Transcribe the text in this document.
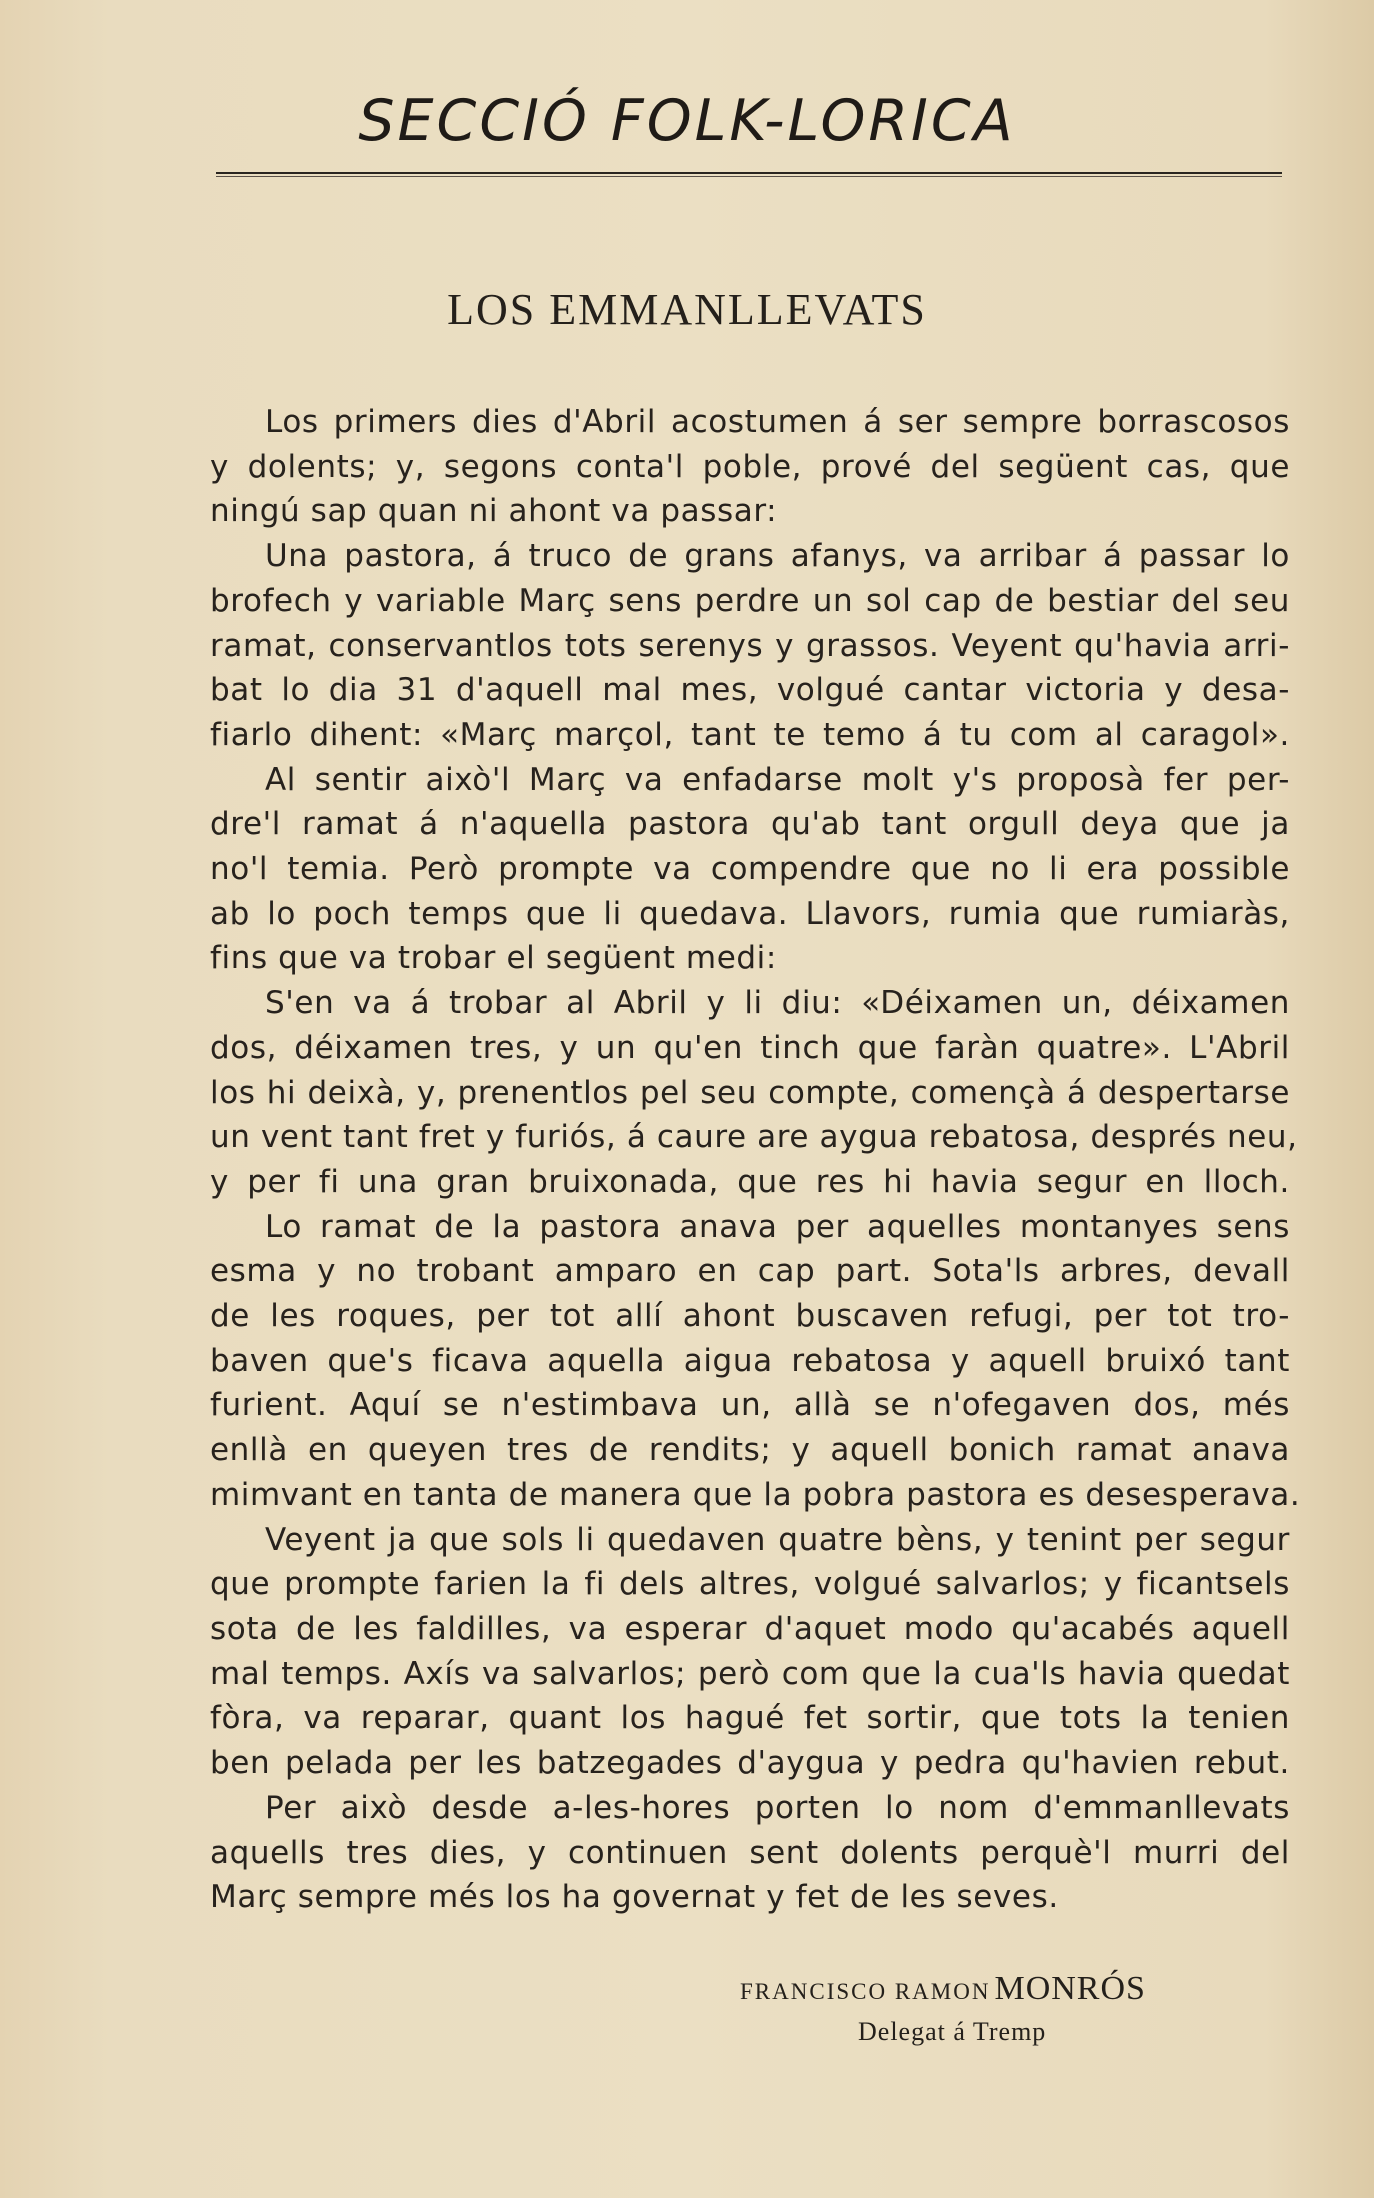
SECCIÓ FOLK-LORICA
LOS EMMANLLEVATS
Los primers dies d'Abril acostumen á ser sempre borrascosos
y dolents; y, segons conta'l poble, prové del següent cas, que
ningú sap quan ni ahont va passar:
Una pastora, á truco de grans afanys, va arribar á passar lo
brofech y variable Març sens perdre un sol cap de bestiar del seu
ramat, conservantlos tots serenys y grassos. Veyent qu'havia arri-
bat lo dia 31 d'aquell mal mes, volgué cantar victoria y desa-
fiarlo dihent: «Març marçol, tant te temo á tu com al caragol».
Al sentir això'l Març va enfadarse molt y's proposà fer per-
dre'l ramat á n'aquella pastora qu'ab tant orgull deya que ja
no'l temia. Però prompte va compendre que no li era possible
ab lo poch temps que li quedava. Llavors, rumia que rumiaràs,
fins que va trobar el següent medi:
S'en va á trobar al Abril y li diu: «Déixamen un, déixamen
dos, déixamen tres, y un qu'en tinch que faràn quatre». L'Abril
los hi deixà, y, prenentlos pel seu compte, començà á despertarse
un vent tant fret y furiós, á caure are aygua rebatosa, després neu,
y per fi una gran bruixonada, que res hi havia segur en lloch.
Lo ramat de la pastora anava per aquelles montanyes sens
esma y no trobant amparo en cap part. Sota'ls arbres, devall
de les roques, per tot allí ahont buscaven refugi, per tot tro-
baven que's ficava aquella aigua rebatosa y aquell bruixó tant
furient. Aquí se n'estimbava un, allà se n'ofegaven dos, més
enllà en queyen tres de rendits; y aquell bonich ramat anava
mimvant en tanta de manera que la pobra pastora es desesperava.
Veyent ja que sols li quedaven quatre bèns, y tenint per segur
que prompte farien la fi dels altres, volgué salvarlos; y ficantsels
sota de les faldilles, va esperar d'aquet modo qu'acabés aquell
mal temps. Axís va salvarlos; però com que la cua'ls havia quedat
fòra, va reparar, quant los hagué fet sortir, que tots la tenien
ben pelada per les batzegades d'aygua y pedra qu'havien rebut.
Per això desde a-les-hores porten lo nom d'emmanllevats
aquells tres dies, y continuen sent dolents perquè'l murri del
Març sempre més los ha governat y fet de les seves.
FRANCISCO RAMON MONRÓS
Delegat á Tremp
